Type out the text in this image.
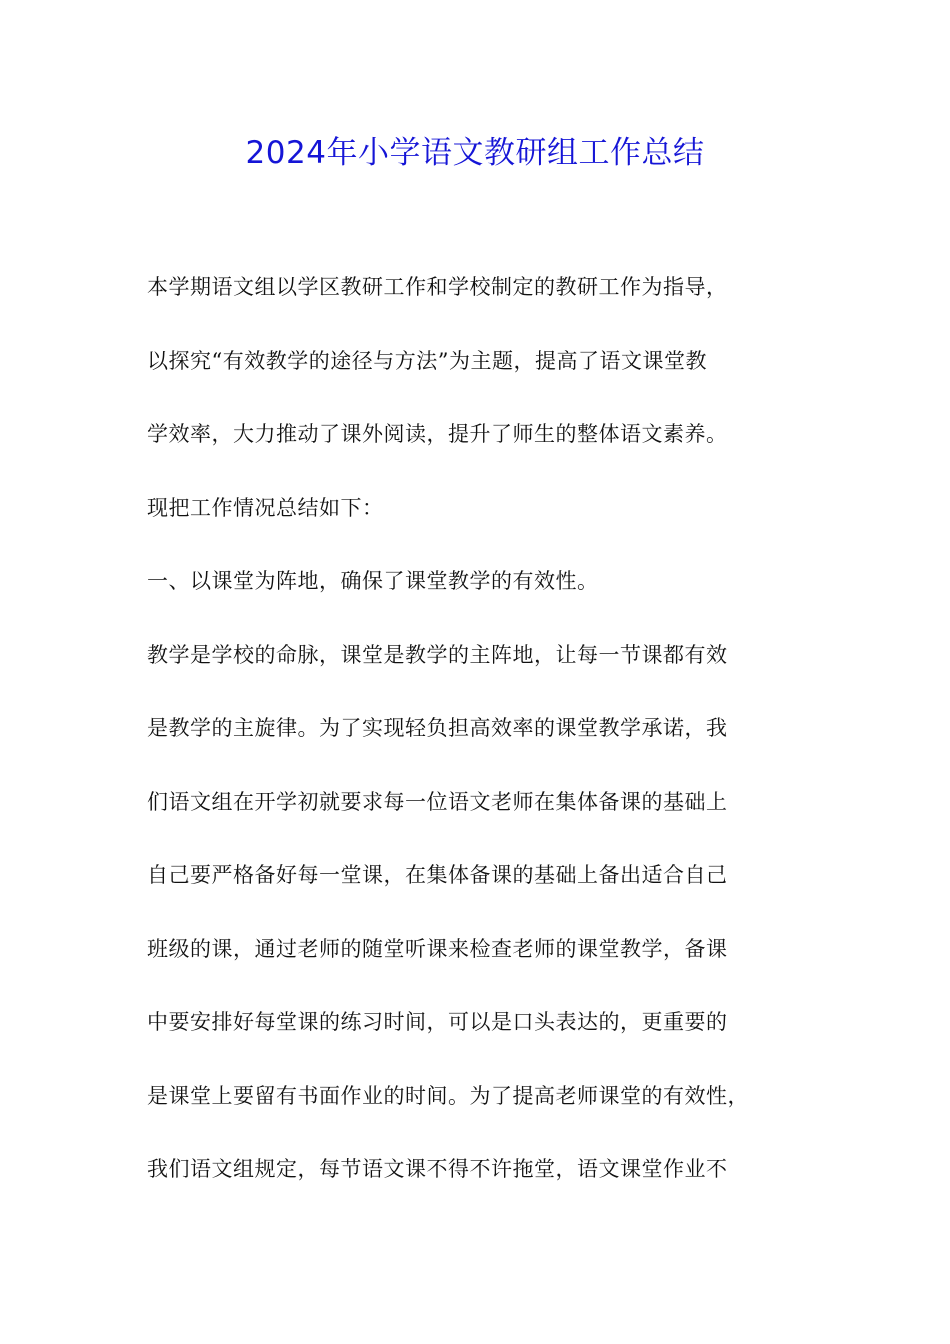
2024年小学语文教研组工作总结
本学期语文组以学区教研工作和学校制定的教研工作为指导，
以探究“有效教学的途径与方法”为主题，提高了语文课堂教
学效率，大力推动了课外阅读，提升了师生的整体语文素养。
现把工作情况总结如下：
一、以课堂为阵地，确保了课堂教学的有效性。
教学是学校的命脉，课堂是教学的主阵地，让每一节课都有效
是教学的主旋律。为了实现轻负担高效率的课堂教学承诺，我
们语文组在开学初就要求每一位语文老师在集体备课的基础上
自己要严格备好每一堂课，在集体备课的基础上备出适合自己
班级的课，通过老师的随堂听课来检查老师的课堂教学，备课
中要安排好每堂课的练习时间，可以是口头表达的，更重要的
是课堂上要留有书面作业的时间。为了提高老师课堂的有效性，
我们语文组规定，每节语文课不得不许拖堂，语文课堂作业不
